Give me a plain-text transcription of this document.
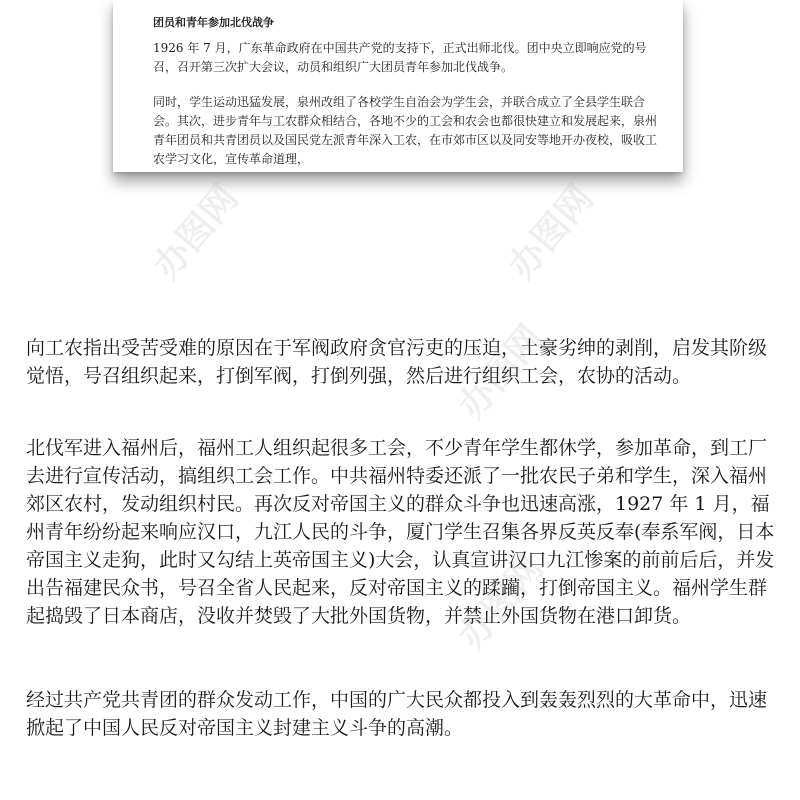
团员和青年参加北伐战争

1926 年 7 月，广东革命政府在中国共产党的支持下，正式出师北伐。团中央立即响应党的号召，召开第三次扩大会议，动员和组织广大团员青年参加北伐战争。

同时，学生运动迅猛发展，泉州改组了各校学生自治会为学生会，并联合成立了全县学生联合会。其次，进步青年与工农群众相结合，各地不少的工会和农会也都很快建立和发展起来，泉州青年团员和共青团员以及国民党左派青年深入工农，在市郊市区以及同安等地开办夜校，吸收工农学习文化，宣传革命道理，

向工农指出受苦受难的原因在于军阀政府贪官污吏的压迫，土豪劣绅的剥削，启发其阶级觉悟，号召组织起来，打倒军阀，打倒列强，然后进行组织工会，农协的活动。

北伐军进入福州后，福州工人组织起很多工会，不少青年学生都休学，参加革命，到工厂去进行宣传活动，搞组织工会工作。中共福州特委还派了一批农民子弟和学生，深入福州郊区农村，发动组织村民。再次反对帝国主义的群众斗争也迅速高涨，1927 年 1 月，福州青年纷纷起来响应汉口，九江人民的斗争，厦门学生召集各界反英反奉(奉系军阀，日本帝国主义走狗，此时又勾结上英帝国主义)大会，认真宣讲汉口九江惨案的前前后后，并发出告福建民众书，号召全省人民起来，反对帝国主义的蹂躏，打倒帝国主义。福州学生群起捣毁了日本商店，没收并焚毁了大批外国货物，并禁止外国货物在港口卸货。

经过共产党共青团的群众发动工作，中国的广大民众都投入到轰轰烈烈的大革命中，迅速掀起了中国人民反对帝国主义封建主义斗争的高潮。

办图网	办图网
办图网
办图网
